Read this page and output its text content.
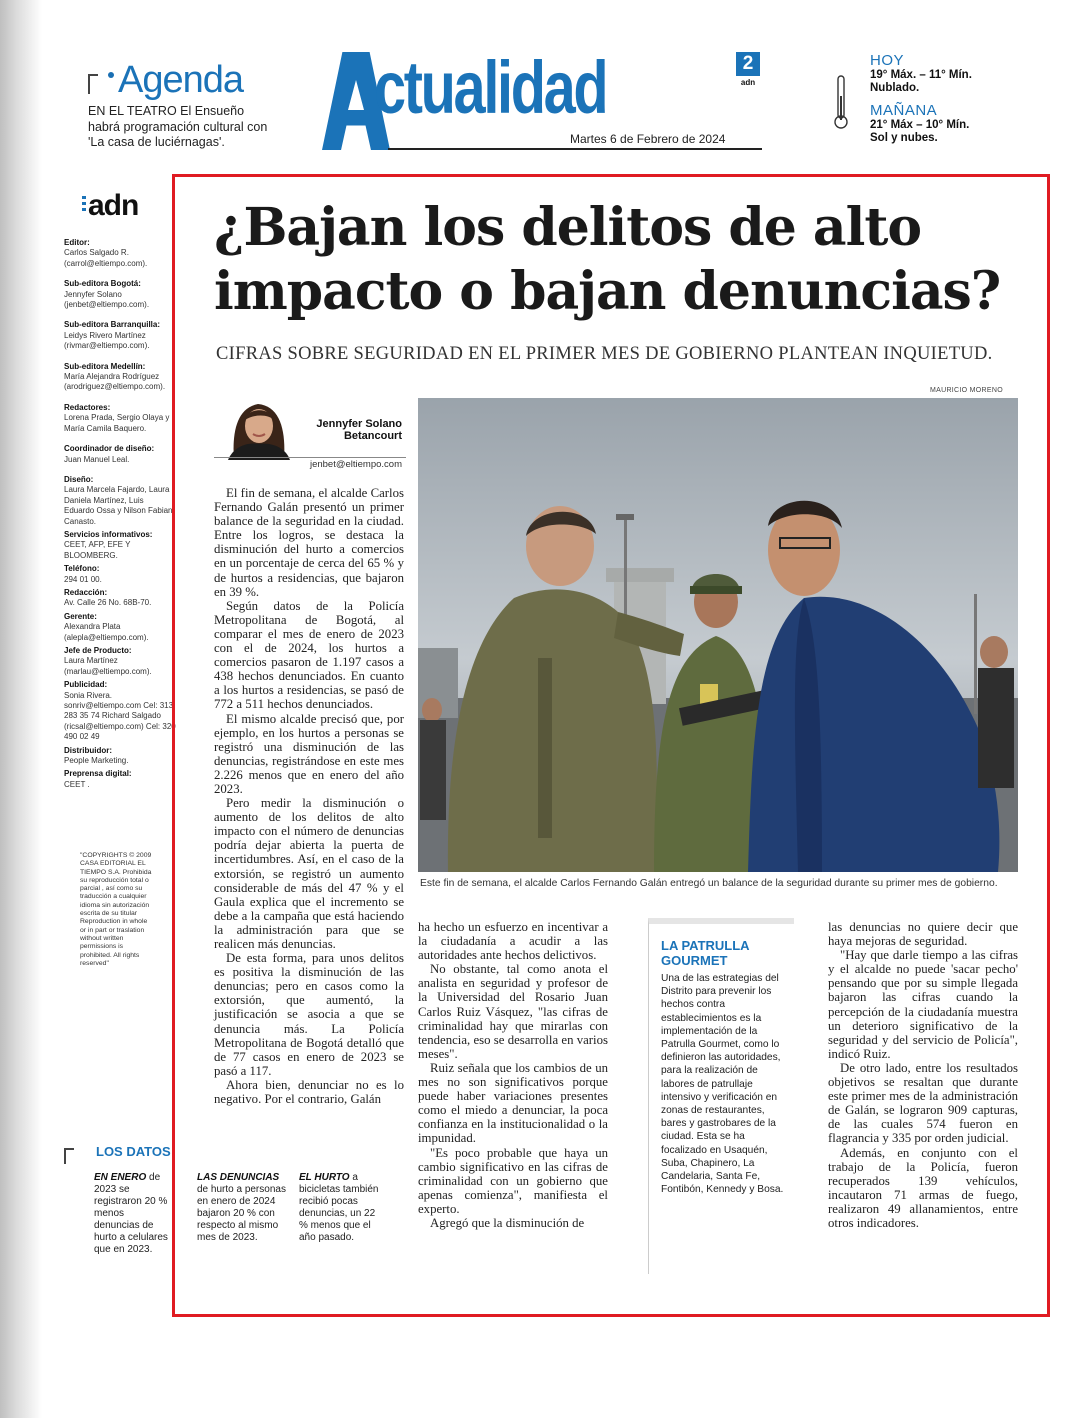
Agenda
EN EL TEATRO El Ensueño habrá programación cultural con 'La casa de luciérnagas'.
ctualidad
Martes 6 de Febrero de 2024
2
adn
HOY
19° Máx. – 11° Mín. Nublado.
MAÑANA
21° Máx – 10° Mín. Sol y nubes.
adn
Editor:
Carlos Salgado R. (carrol@eltiempo.com).
Sub-editora Bogotá:
Jennyfer Solano (jenbet@eltiempo.com).
Sub-editora Barranquilla:
Leidys Rivero Martínez (rivmar@eltiempo.com).
Sub-editora Medellín:
María Alejandra Rodríguez (arodriguez@eltiempo.com).
Redactores:
Lorena Prada, Sergio Olaya y María Camila Baquero.
Coordinador de diseño:
Juan Manuel Leal.
Diseño:
Laura Marcela Fajardo, Laura Daniela Martínez, Luis Eduardo Ossa y Nilson Fabian Canasto.
Servicios informativos:
CEET, AFP, EFE Y BLOOMBERG.
Teléfono:
294 01 00.
Redacción:
Av. Calle 26 No. 68B-70.
Gerente:
Alexandra Plata (alepla@eltiempo.com).
Jefe de Producto:
Laura Martínez (marlau@eltiempo.com).
Publicidad:
Sonia Rivera. sonriv@eltiempo.com Cel: 313 283 35 74 Richard Salgado (ricsal@eltiempo.com) Cel: 320 490 02 49
Distribuidor:
People Marketing.
Preprensa digital:
CEET .
"COPYRIGHTS © 2009 CASA EDITORIAL EL TIEMPO S.A. Prohibida su reproducción total o parcial , así como su traducción a cualquier idioma sin autorización escrita de su titular Reproduction in whole or in part or traslation without written permissions is prohibited. All rights reserved"
LOS DATOS
EN ENERO de 2023 se registraron 20 % menos denuncias de hurto a celulares que en 2023.
LAS DENUNCIAS de hurto a personas en enero de 2024 bajaron 20 % con respecto al mismo mes de 2023.
EL HURTO a bicicletas también recibió pocas denuncias, un 22 % menos que el año pasado.
¿Bajan los delitos de alto impacto o bajan denuncias?
CIFRAS SOBRE SEGURIDAD EN EL PRIMER MES DE GOBIERNO PLANTEAN INQUIETUD.
MAURICIO MORENO
Jennyfer Solano Betancourt
jenbet@eltiempo.com

El fin de semana, el alcalde Carlos Fernando Galán presentó un primer balance de la seguridad en la ciudad. Entre los logros, se destaca la disminución del hurto a comercios en un porcentaje de cerca del 65 % y de hurtos a residencias, que bajaron en 39 %.

Según datos de la Policía Metropolitana de Bogotá, al comparar el mes de enero de 2023 con el de 2024, los hurtos a comercios pasaron de 1.197 casos a 438 hechos denunciados. En cuanto a los hurtos a residencias, se pasó de 772 a 511 hechos denunciados.

El mismo alcalde precisó que, por ejemplo, en los hurtos a personas se registró una disminución de las denuncias, registrándose en este mes 2.226 menos que en enero del año 2023.

Pero medir la disminución o aumento de los delitos de alto impacto con el número de denuncias podría dejar abierta la puerta de incertidumbres. Así, en el caso de la extorsión, se registró un aumento considerable de más del 47 % y el Gaula explica que el incremento se debe a la campaña que está haciendo la administración para que se realicen más denuncias.

De esta forma, para unos delitos es positiva la disminución de las denuncias; pero en casos como la extorsión, que aumentó, la justificación se asocia a que se denuncia más. La Policía Metropolitana de Bogotá detalló que de 77 casos en enero de 2023 se pasó a 117.

Ahora bien, denunciar no es lo negativo. Por el contrario, Galán

ha hecho un esfuerzo en incentivar a la ciudadanía a acudir a las autoridades ante hechos delictivos.

No obstante, tal como anota el analista en seguridad y profesor de la Universidad del Rosario Juan Carlos Ruiz Vásquez, "las cifras de criminalidad hay que mirarlas con tendencia, eso se desarrolla en varios meses".

Ruiz señala que los cambios de un mes no son significativos porque puede haber variaciones presentes como el miedo a denunciar, la poca confianza en la institucionalidad o la impunidad.

"Es poco probable que haya un cambio significativo en las cifras de criminalidad con un gobierno que apenas comienza", manifiesta el experto.

Agregó que la disminución de

las denuncias no quiere decir que haya mejoras de seguridad.

"Hay que darle tiempo a las cifras y el alcalde no puede 'sacar pecho' pensando que por su simple llegada bajaron las cifras cuando la percepción de la ciudadanía muestra un deterioro significativo de la seguridad y del servicio de Policía", indicó Ruiz.

De otro lado, entre los resultados objetivos se resaltan que durante este primer mes de la administración de Galán, se lograron 909 capturas, de las cuales 574 fueron en flagrancia y 335 por orden judicial.

Además, en conjunto con el trabajo de la Policía, fueron recuperados 139 vehículos, incautaron 71 armas de fuego, realizaron 49 allanamientos, entre otros indicadores.

Este fin de semana, el alcalde Carlos Fernando Galán entregó un balance de la seguridad durante su primer mes de gobierno.
LA PATRULLA GOURMET
Una de las estrategias del Distrito para prevenir los hechos contra establecimientos es la implementación de la Patrulla Gourmet, como lo definieron las autoridades, para la realización de labores de patrullaje intensivo y verificación en zonas de restaurantes, bares y gastrobares de la ciudad. Esta se ha focalizado en Usaquén, Suba, Chapinero, La Candelaria, Santa Fe, Fontibón, Kennedy y Bosa.
